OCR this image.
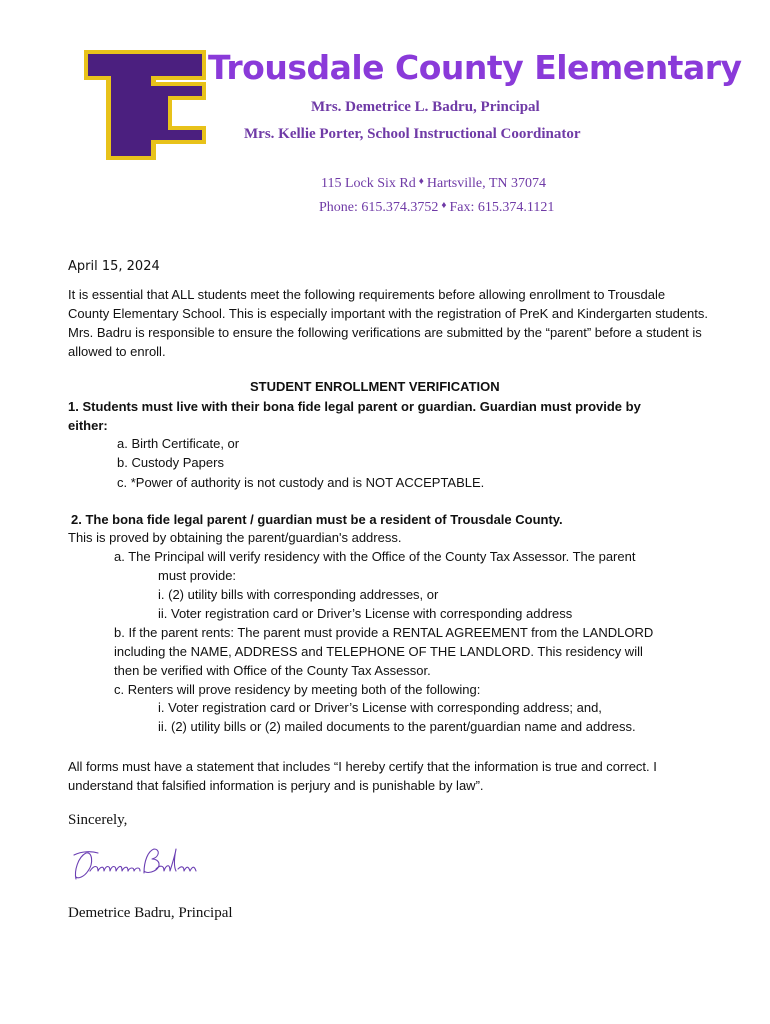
TC	Trousdale County Elementary
Mrs. Demetrice L. Badru, Principal
Mrs. Kellie Porter, School Instructional Coordinator
115 Lock Six Rd ♦ Hartsville, TN 37074
Phone: 615.374.3752 ♦ Fax: 615.374.1121
April 15, 2024
It is essential that ALL students meet the following requirements before allowing enrollment to Trousdale County Elementary School. This is especially important with the registration of PreK and Kindergarten students. Mrs. Badru is responsible to ensure the following verifications are submitted by the “parent” before a student is allowed to enroll.
STUDENT ENROLLMENT VERIFICATION
1. Students must live with their bona fide legal parent or guardian. Guardian must provide by
either:
a. Birth Certificate, or
b. Custody Papers
c. *Power of authority is not custody and is NOT ACCEPTABLE.
2. The bona fide legal parent / guardian must be a resident of Trousdale County.
This is proved by obtaining the parent/guardian's address.
a. The Principal will verify residency with the Office of the County Tax Assessor. The parent
must provide:
i. (2) utility bills with corresponding addresses, or
ii. Voter registration card or Driver’s License with corresponding address
b. If the parent rents: The parent must provide a RENTAL AGREEMENT from the LANDLORD
including the NAME, ADDRESS and TELEPHONE OF THE LANDLORD. This residency will
then be verified with Office of the County Tax Assessor.
c. Renters will prove residency by meeting both of the following:
i. Voter registration card or Driver’s License with corresponding address; and,
ii. (2) utility bills or (2) mailed documents to the parent/guardian name and address.
All forms must have a statement that includes “I hereby certify that the information is true and correct. I understand that falsified information is perjury and is punishable by law”.
Sincerely,
Demetrice Badru
Demetrice Badru, Principal
